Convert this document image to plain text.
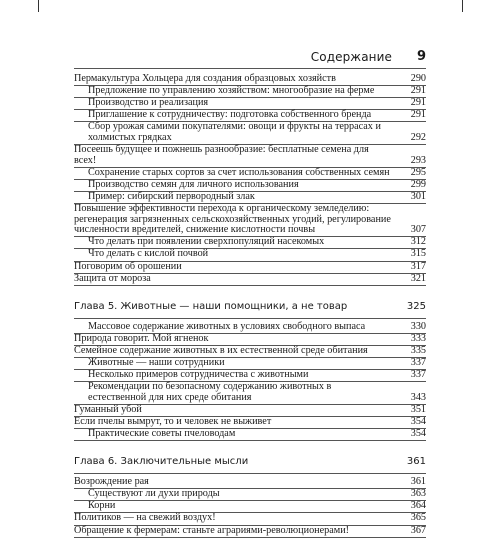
Содержание 9
Пермакультура Хольцера для создания образцовых хозяйств	290
Предложение по управлению хозяйством: многообразие на ферме	291
Производство и реализация	291
Приглашение к сотрудничеству: подготовка собственного бренда	291
Сбор урожая самими покупателями: овощи и фрукты на террасах и холмистых грядках	292
Посеешь будущее и пожнешь разнообразие: бесплатные семена для всех!	293
Сохранение старых сортов за счет использования собственных семян	295
Производство семян для личного использования	299
Пример: сибирский первородный злак	301
Повышение эффективности перехода к органическому земледелию: регенерация загрязненных сельскохозяйственных угодий, регулирование численности вредителей, снижение кислотности почвы	307
Что делать при появлении сверхпопуляций насекомых	312
Что делать с кислой почвой	315
Поговорим об орошении	317
Защита от мороза	321
Глава 5. Животные — наши помощники, а не товар	325
Массовое содержание животных в условиях свободного выпаса	330
Природа говорит. Мой ягненок	333
Семейное содержание животных в их естественной среде обитания	335
Животные — наши сотрудники	337
Несколько примеров сотрудничества с животными	337
Рекомендации по безопасному содержанию животных в естественной для них среде обитания	343
Гуманный убой	351
Если пчелы вымрут, то и человек не выживет	354
Практические советы пчеловодам	354
Глава 6. Заключительные мысли	361
Возрождение рая	361
Существуют ли духи природы	363
Корни	364
Политиков — на свежий воздух!	365
Обращение к фермерам: станьте аграриями-революционерами!	367
